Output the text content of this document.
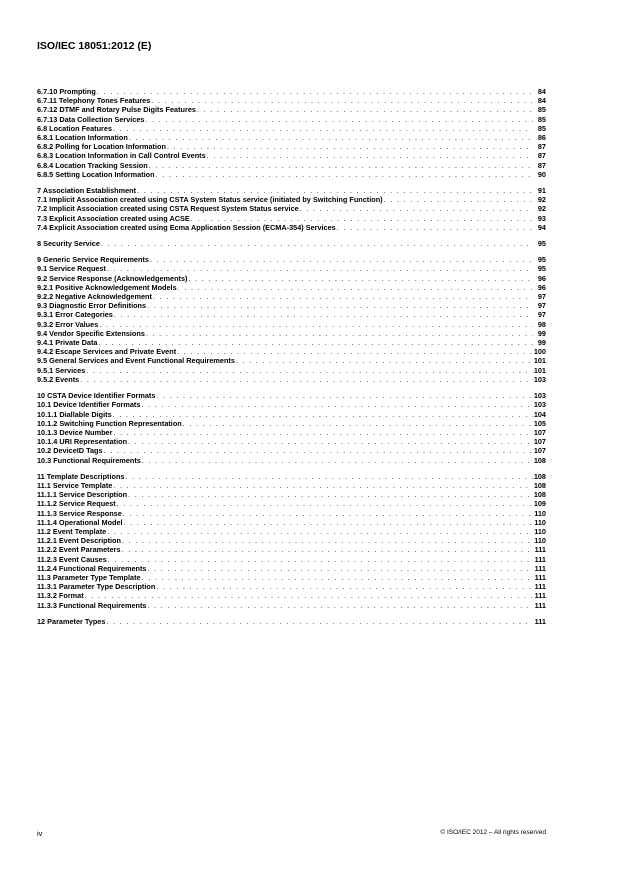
ISO/IEC 18051:2012 (E)
6.7.10 Prompting . . .	84
6.7.11 Telephony Tones Features . . .	84
6.7.12 DTMF and Rotary Pulse Digits Features . . .	85
6.7.13 Data Collection Services . . .	85
6.8 Location Features . . .	85
6.8.1 Location Information . . .	86
6.8.2 Polling for Location Information . . .	87
6.8.3 Location Information in Call Control Events . . .	87
6.8.4 Location Tracking Session . . .	87
6.8.5 Setting Location Information . . .	90
7 Association Establishment . . .	91
7.1 Implicit Association created using CSTA System Status service (initiated by Switching Function) . . .	92
7.2 Implicit Association created using CSTA Request System Status service . . .	92
7.3 Explicit Association created using ACSE . . .	93
7.4 Explicit Association created using Ecma Application Session (ECMA-354) Services . . .	94
8 Security Service . . .	95
9 Generic Service Requirements . . .	95
9.1 Service Request . . .	95
9.2 Service Response (Acknowledgements) . . .	96
9.2.1 Positive Acknowledgement Models . . .	96
9.2.2 Negative Acknowledgement . . .	97
9.3 Diagnostic Error Definitions . . .	97
9.3.1 Error Categories . . .	97
9.3.2 Error Values . . .	98
9.4 Vendor Specific Extensions . . .	99
9.4.1 Private Data . . .	99
9.4.2 Escape Services and Private Event . . .	100
9.5 General Services and Event Functional Requirements . . .	101
9.5.1 Services . . .	101
9.5.2 Events . . .	103
10 CSTA Device Identifier Formats . . .	103
10.1 Device Identifier Formats . . .	103
10.1.1 Diallable Digits . . .	104
10.1.2 Switching Function Representation . . .	105
10.1.3 Device Number . . .	107
10.1.4 URI Representation . . .	107
10.2 DeviceID Tags . . .	107
10.3 Functional Requirements . . .	108
11 Template Descriptions . . .	108
11.1 Service Template . . .	108
11.1.1 Service Description . . .	108
11.1.2 Service Request . . .	109
11.1.3 Service Response . . .	110
11.1.4 Operational Model . . .	110
11.2 Event Template . . .	110
11.2.1 Event Description . . .	110
11.2.2 Event Parameters . . .	111
11.2.3 Event Causes . . .	111
11.2.4 Functional Requirements . . .	111
11.3 Parameter Type Template . . .	111
11.3.1 Parameter Type Description . . .	111
11.3.2 Format . . .	111
11.3.3 Functional Requirements . . .	111
12 Parameter Types . . .	111
iv	© ISO/IEC 2012 – All rights reserved
